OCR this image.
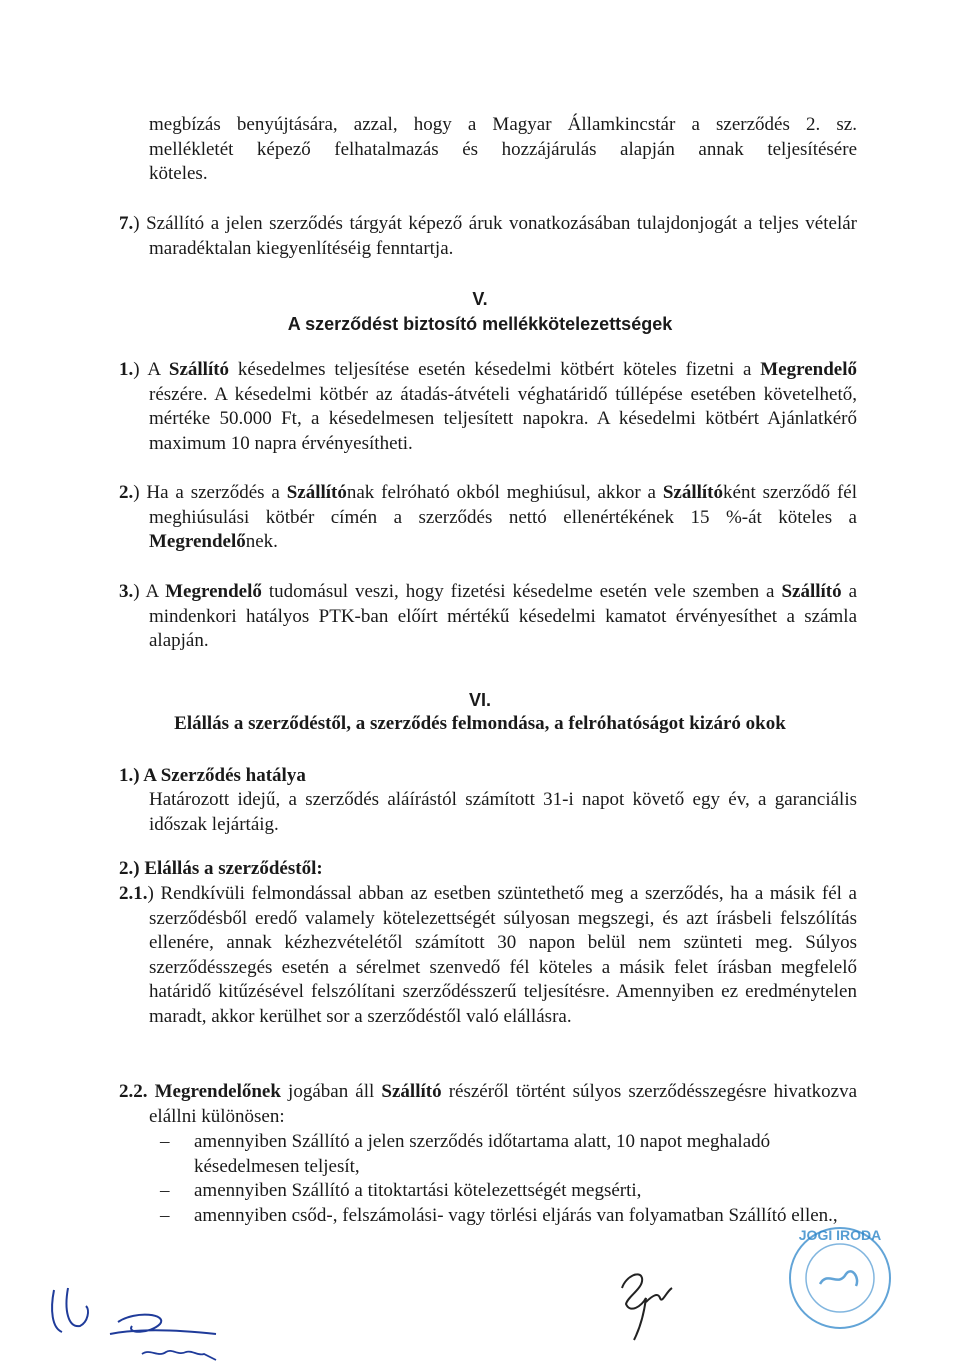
megbízás benyújtására, azzal, hogy a Magyar Államkincstár a szerződés 2. sz.

mellékletét képező felhatalmazás és hozzájárulás alapján annak teljesítésére

köteles.

7.) Szállító a jelen szerződés tárgyát képező áruk vonatkozásában tulajdonjogát a teljes vételár maradéktalan kiegyenlítéséig fenntartja.

V.
A szerződést biztosító mellékkötelezettségek

1.) A Szállító késedelmes teljesítése esetén késedelmi kötbért köteles fizetni a Megrendelő részére. A késedelmi kötbér az átadás-átvételi véghatáridő túllépése esetében követelhető, mértéke 50.000 Ft, a késedelmesen teljesített napokra. A késedelmi kötbért Ajánlatkérő maximum 10 napra érvényesítheti.

2.) Ha a szerződés a Szállítónak felróható okból meghiúsul, akkor a Szállítóként szerződő fél meghiúsulási kötbér címén a szerződés nettó ellenértékének 15 %-át köteles a Megrendelőnek.

3.) A Megrendelő tudomásul veszi, hogy fizetési késedelme esetén vele szemben a Szállító a mindenkori hatályos PTK-ban előírt mértékű késedelmi kamatot érvényesíthet a számla alapján.

VI.
Elállás a szerződéstől, a szerződés felmondása, a felróhatóságot kizáró okok
1.) A Szerződés hatálya
Határozott idejű, a szerződés aláírástól számított 31-i napot követő egy év, a garanciális időszak lejártáig.
2.) Elállás a szerződéstől:

2.1.) Rendkívüli felmondással abban az esetben szüntethető meg a szerződés, ha a másik fél a szerződésből eredő valamely kötelezettségét súlyosan megszegi, és azt írásbeli felszólítás ellenére, annak kézhezvételétől számított 30 napon belül nem szünteti meg. Súlyos szerződésszegés esetén a sérelmet szenvedő fél köteles a másik felet írásban megfelelő határidő kitűzésével felszólítani szerződésszerű teljesítésre. Amennyiben ez eredménytelen maradt, akkor kerülhet sor a szerződéstől való elállásra.

2.2. Megrendelőnek jogában áll Szállító részéről történt súlyos szerződésszegésre hivatkozva elállni különösen:

– amennyiben Szállító a jelen szerződés időtartama alatt, 10 napot meghaladó késedelmesen teljesít,
– amennyiben Szállító a titoktartási kötelezettségét megsérti,
– amennyiben csőd-, felszámolási- vagy törlési eljárás van folyamatban Szállító ellen.,
JOGI IRODA
